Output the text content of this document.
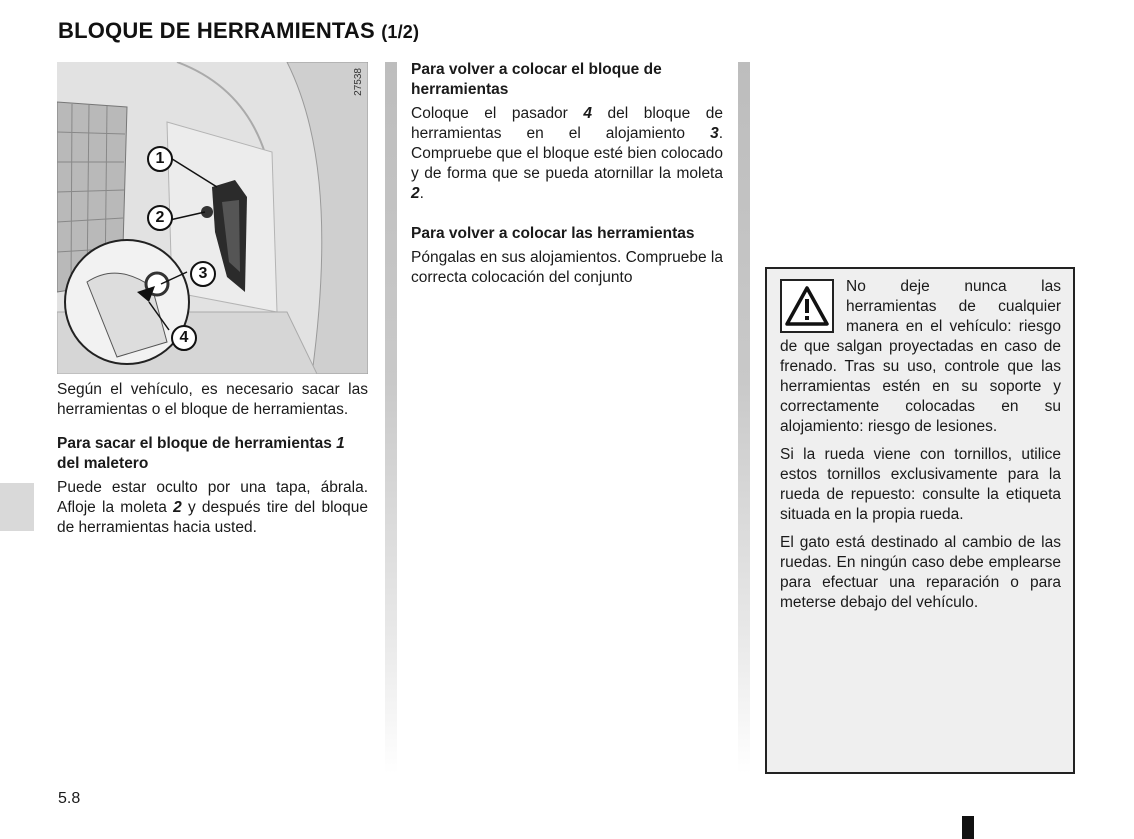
BLOQUE DE HERRAMIENTAS (1/2)
27538
1
2
3
4

Según el vehículo, es necesario sacar las herramientas o el bloque de herramientas.

Para sacar el bloque de herramientas 1 del maletero

Puede estar oculto por una tapa, ábrala. Afloje la moleta 2 y después tire del bloque de herramientas hacia usted.

Para volver a colocar el bloque de herramientas

Coloque el pasador 4 del bloque de herramientas en el alojamiento 3. Compruebe que el bloque esté bien colocado y de forma que se pueda atornillar la moleta 2.

Para volver a colocar las herramientas

Póngalas en sus alojamientos. Compruebe la correcta colocación del conjunto

No deje nunca las herramientas de cualquier manera en el vehículo: riesgo de que salgan proyectadas en caso de frenado. Tras su uso, controle que las herramientas estén en su soporte y correctamente colocadas en su alojamiento: riesgo de lesiones.

Si la rueda viene con tornillos, utilice estos tornillos exclusivamente para la rueda de repuesto: consulte la etiqueta situada en la propia rueda.

El gato está destinado al cambio de las ruedas. En ningún caso debe emplearse para efectuar una reparación o para meterse debajo del vehículo.

5.8
